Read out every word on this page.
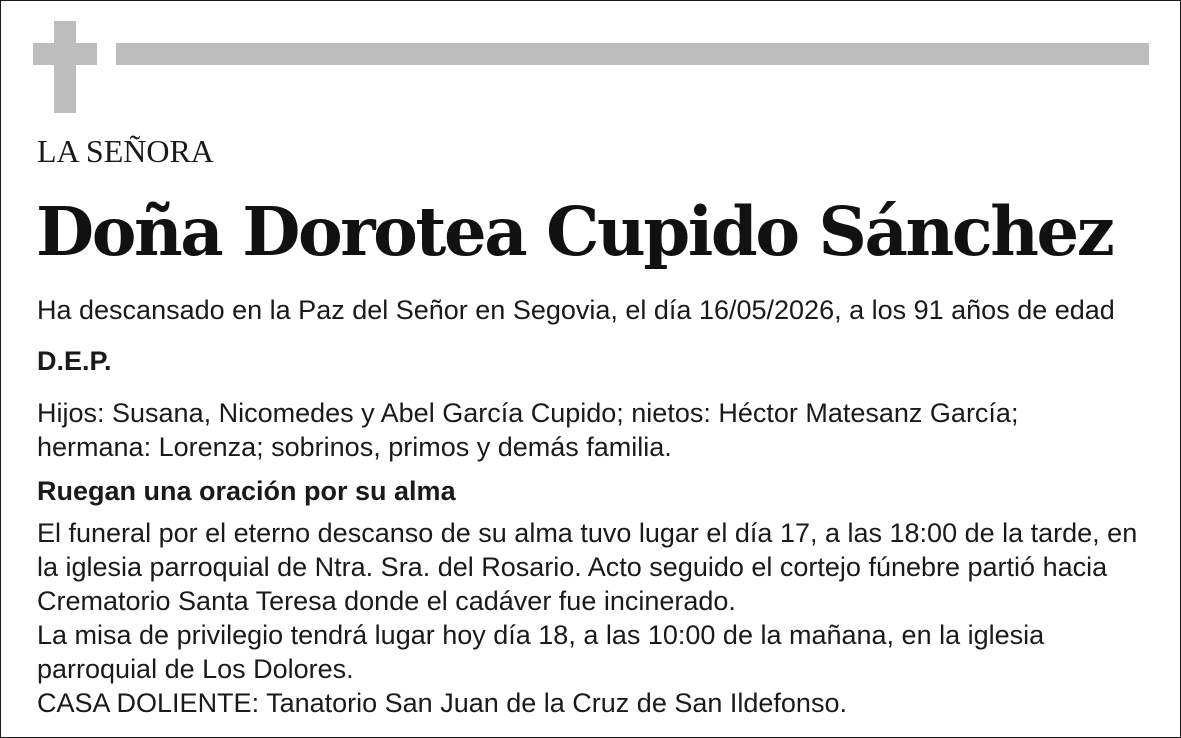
LA SEÑORA
Doña Dorotea Cupido Sánchez
Ha descansado en la Paz del Señor en Segovia, el día 16/05/2026, a los 91 años de edad
D.E.P.
Hijos: Susana, Nicomedes y Abel García Cupido; nietos: Héctor Matesanz García;
hermana: Lorenza; sobrinos, primos y demás familia.
Ruegan una oración por su alma

El funeral por el eterno descanso de su alma tuvo lugar el día 17, a las 18:00 de la tarde, en la iglesia parroquial de Ntra. Sra. del Rosario. Acto seguido el cortejo fúnebre partió hacia Crematorio Santa Teresa donde el cadáver fue incinerado.

La misa de privilegio tendrá lugar hoy día 18, a las 10:00 de la mañana, en la iglesia parroquial de Los Dolores.

CASA DOLIENTE: Tanatorio San Juan de la Cruz de San Ildefonso.
